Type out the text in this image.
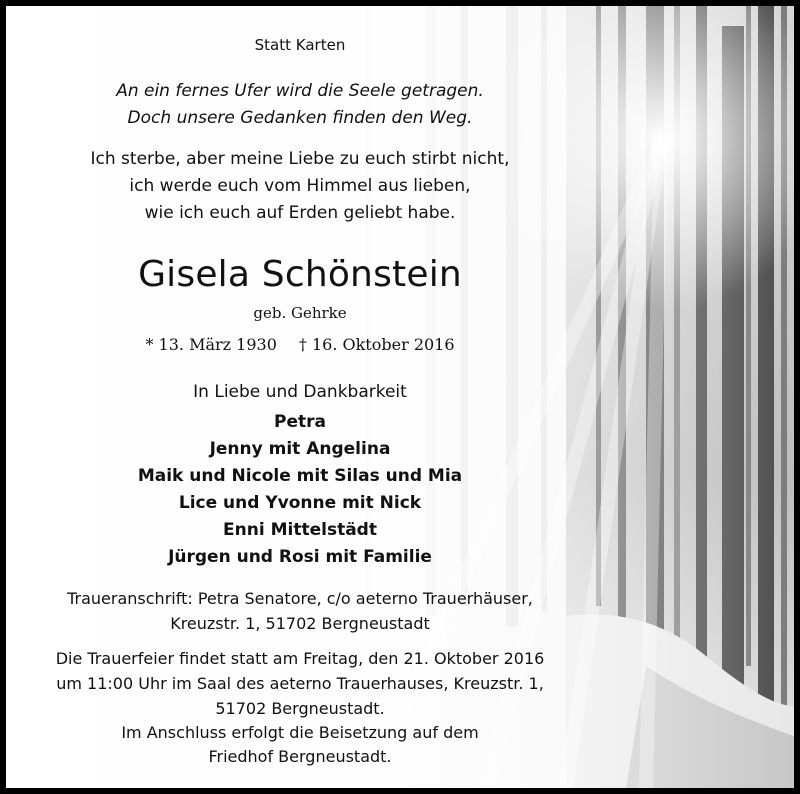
Statt Karten
An ein fernes Ufer wird die Seele getragen.
Doch unsere Gedanken finden den Weg.
Ich sterbe, aber meine Liebe zu euch stirbt nicht,
ich werde euch vom Himmel aus lieben,
wie ich euch auf Erden geliebt habe.
Gisela Schönstein
geb. Gehrke
* 13. März 1930 † 16. Oktober 2016
In Liebe und Dankbarkeit
Petra
Jenny mit Angelina
Maik und Nicole mit Silas und Mia
Lice und Yvonne mit Nick
Enni Mittelstädt
Jürgen und Rosi mit Familie
Traueranschrift: Petra Senatore, c/o aeterno Trauerhäuser,
Kreuzstr. 1, 51702 Bergneustadt
Die Trauerfeier findet statt am Freitag, den 21. Oktober 2016
um 11:00 Uhr im Saal des aeterno Trauerhauses, Kreuzstr. 1,
51702 Bergneustadt.
Im Anschluss erfolgt die Beisetzung auf dem
Friedhof Bergneustadt.
